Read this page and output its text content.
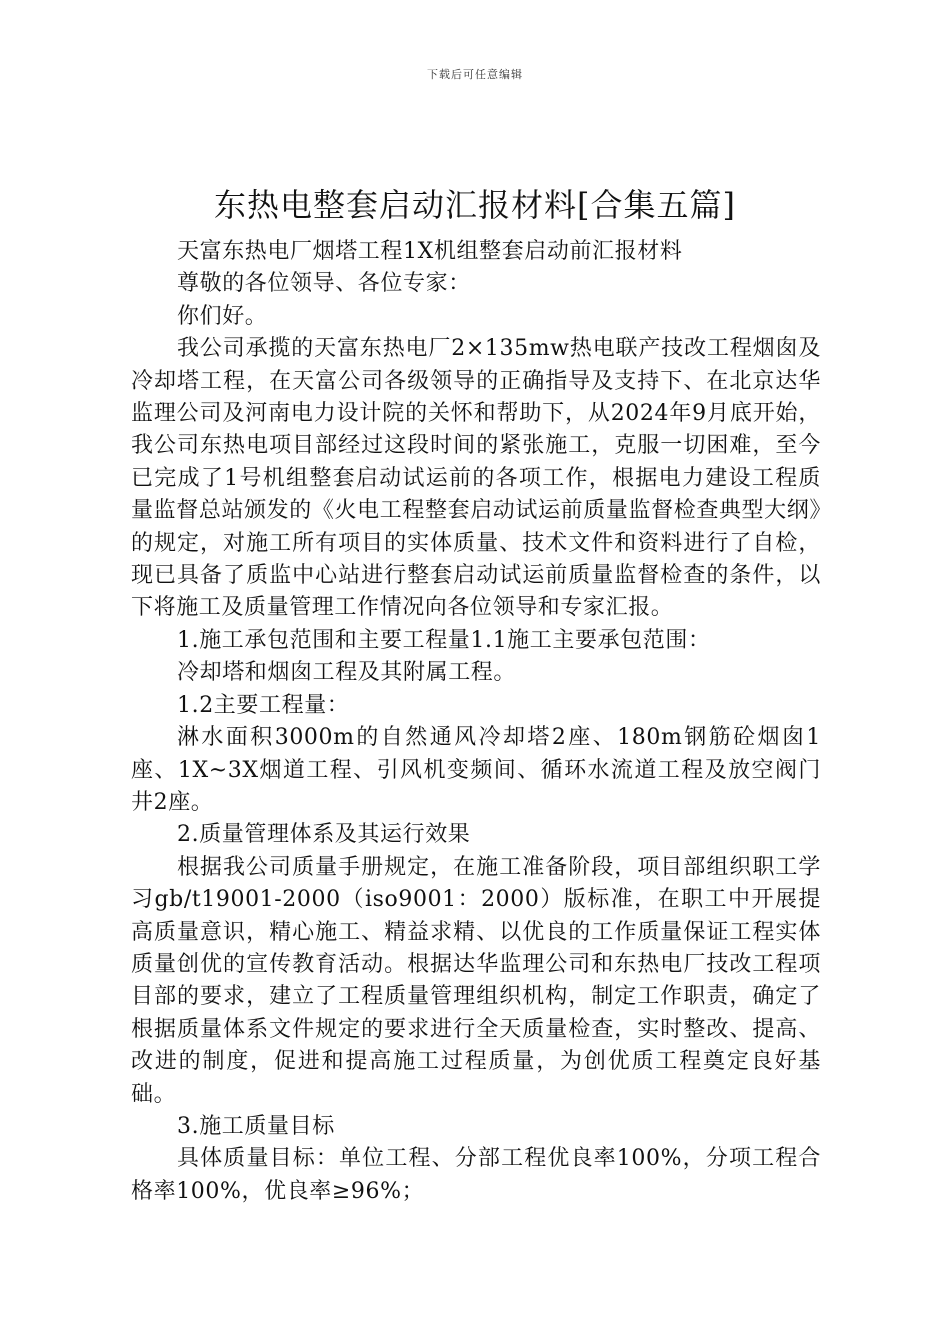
下载后可任意编辑
东热电整套启动汇报材料[合集五篇]

天富东热电厂烟塔工程1X机组整套启动前汇报材料

尊敬的各位领导、各位专家：

你们好。

我公司承揽的天富东热电厂2×135mw热电联产技改工程烟囱及冷却塔工程，在天富公司各级领导的正确指导及支持下、在北京达华监理公司及河南电力设计院的关怀和帮助下，从2024年9月底开始，我公司东热电项目部经过这段时间的紧张施工，克服一切困难，至今已完成了1号机组整套启动试运前的各项工作，根据电力建设工程质量监督总站颁发的《火电工程整套启动试运前质量监督检查典型大纲》的规定，对施工所有项目的实体质量、技术文件和资料进行了自检，现已具备了质监中心站进行整套启动试运前质量监督检查的条件，以下将施工及质量管理工作情况向各位领导和专家汇报。

1.施工承包范围和主要工程量1.1施工主要承包范围：

冷却塔和烟囱工程及其附属工程。

1.2主要工程量：

淋水面积3000m的自然通风冷却塔2座、180m钢筋砼烟囱1座、1X~3X烟道工程、引风机变频间、循环水流道工程及放空阀门井2座。

2.质量管理体系及其运行效果

根据我公司质量手册规定，在施工准备阶段，项目部组织职工学习gb/t19001-2000（iso9001：2000）版标准，在职工中开展提高质量意识，精心施工、精益求精、以优良的工作质量保证工程实体质量创优的宣传教育活动。根据达华监理公司和东热电厂技改工程项目部的要求，建立了工程质量管理组织机构，制定工作职责，确定了根据质量体系文件规定的要求进行全天质量检查，实时整改、提高、改进的制度，促进和提高施工过程质量，为创优质工程奠定良好基础。

3.施工质量目标

具体质量目标：单位工程、分部工程优良率100%，分项工程合格率100%，优良率≥96%；
